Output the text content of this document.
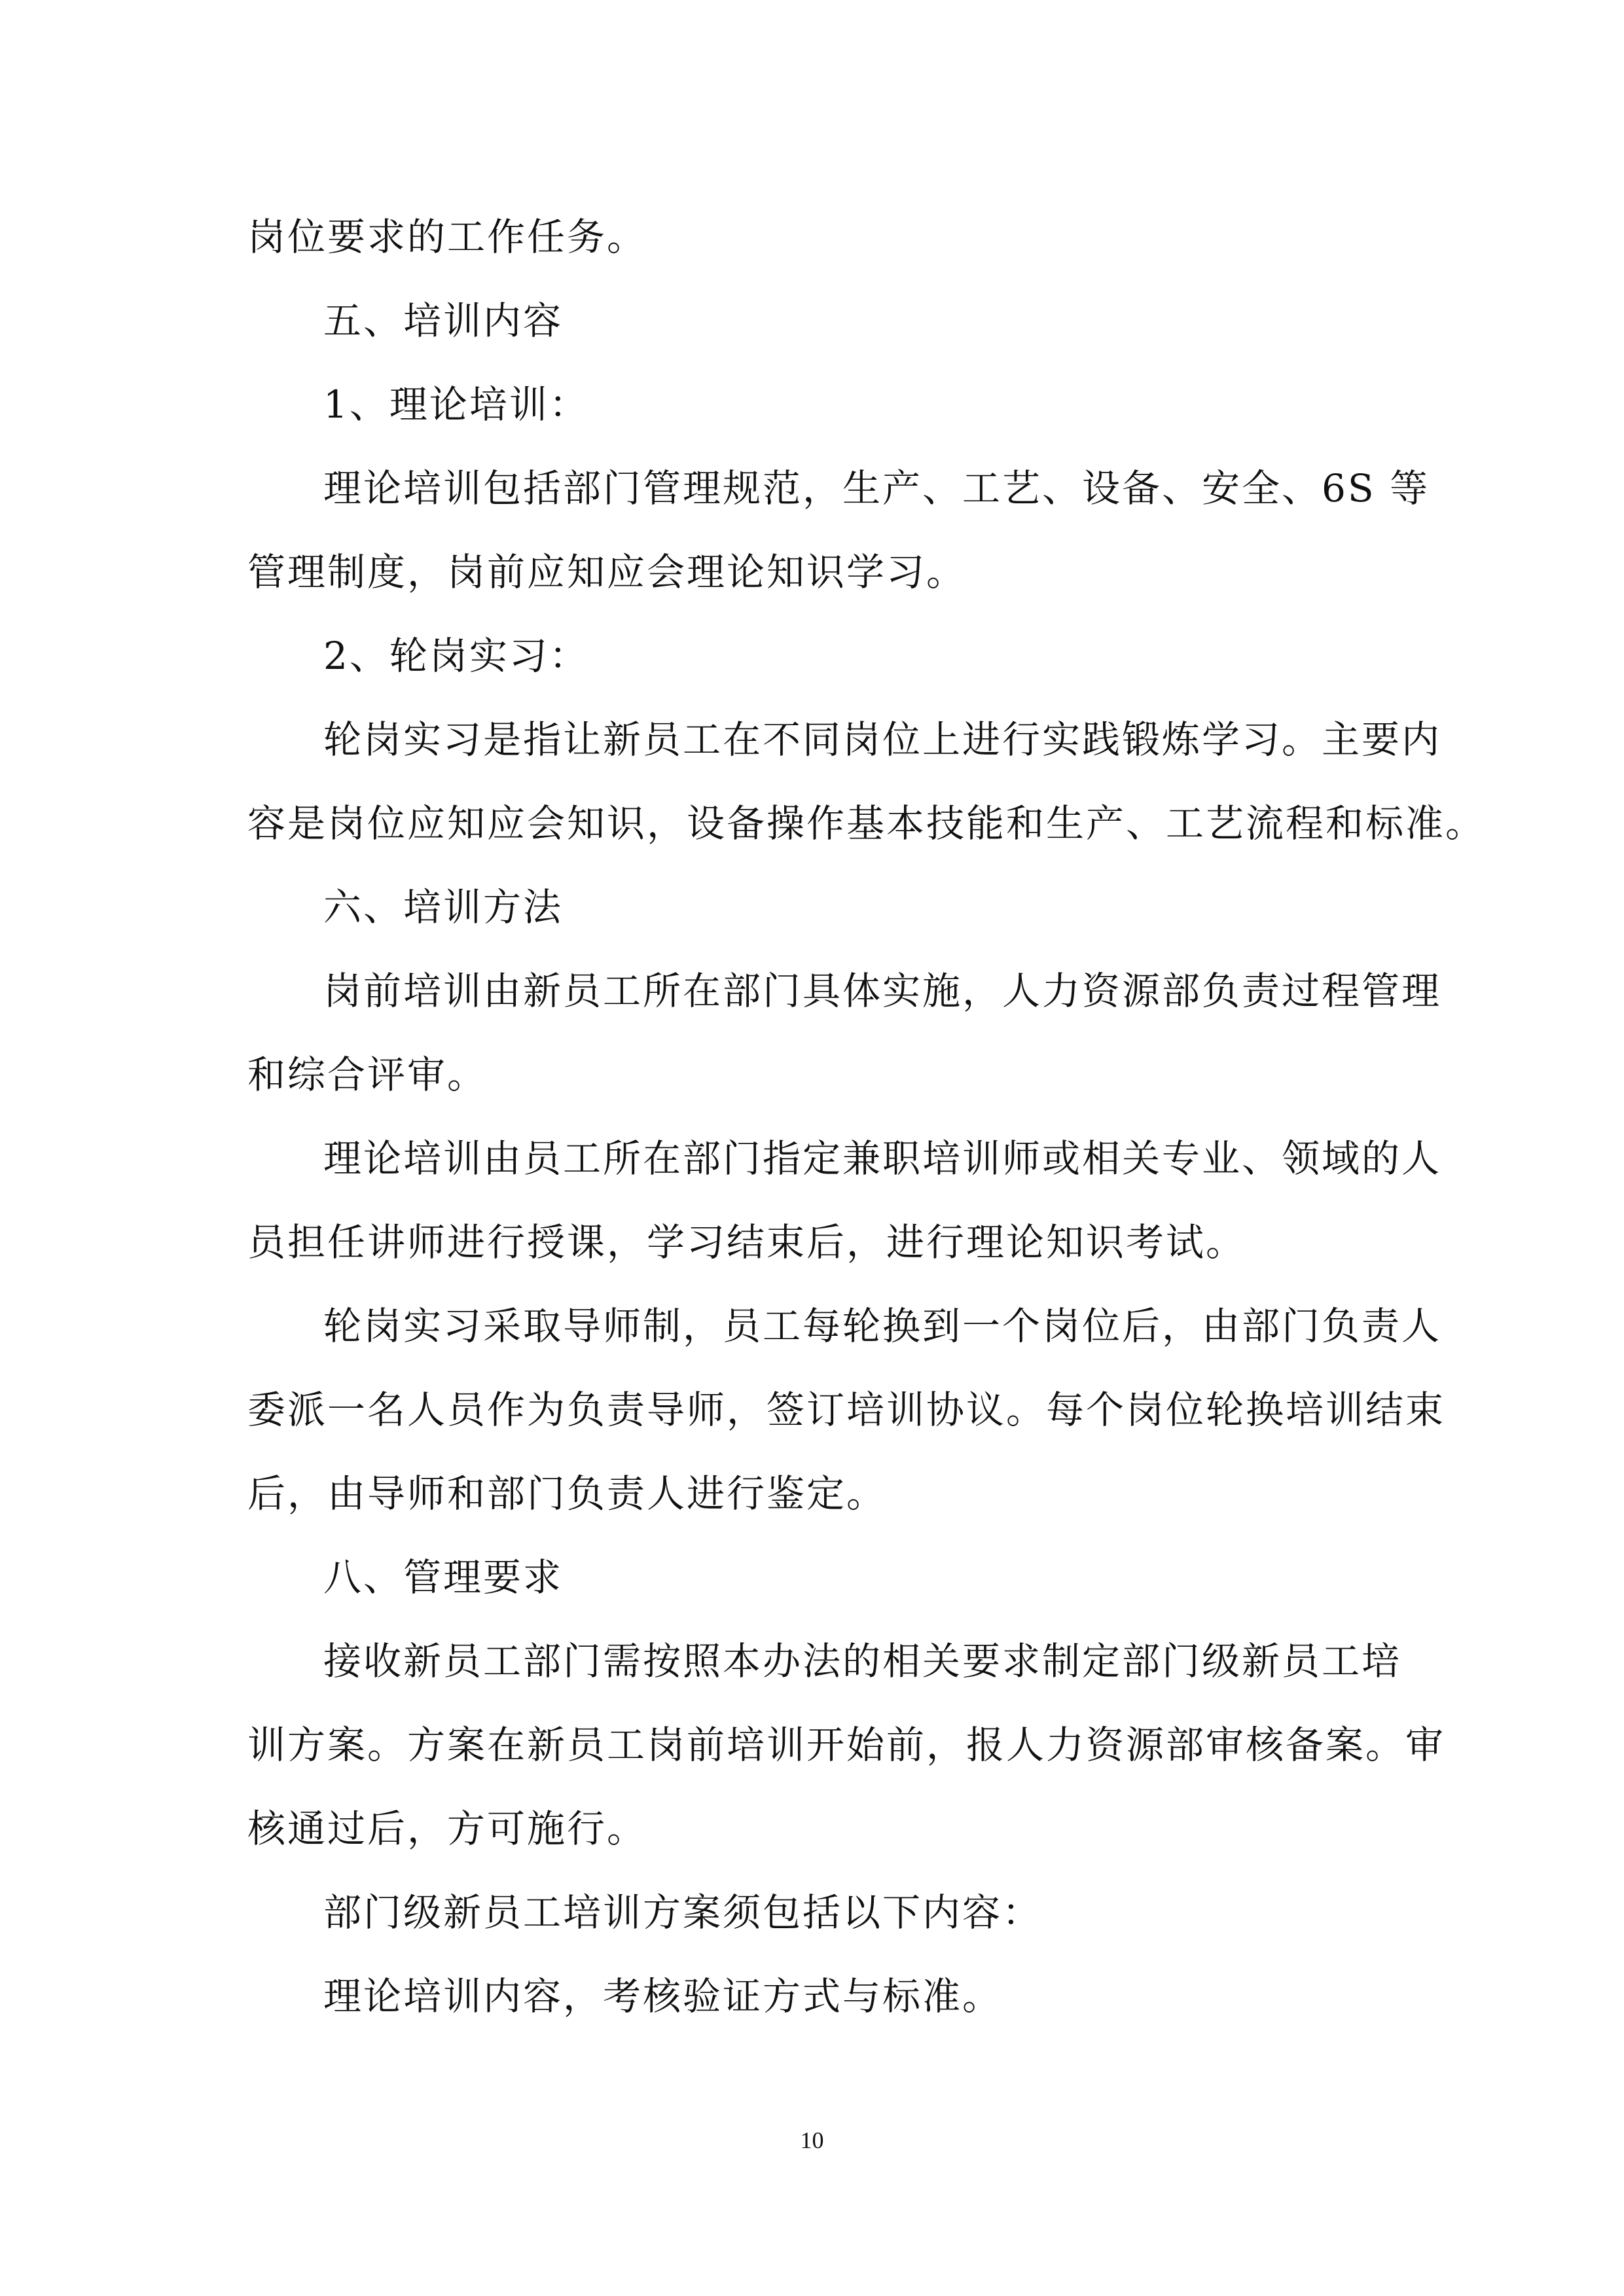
岗位要求的工作任务。
五、培训内容
1、理论培训：
理论培训包括部门管理规范，生产、工艺、设备、安全、6S 等
管理制度，岗前应知应会理论知识学习。
2、轮岗实习：
轮岗实习是指让新员工在不同岗位上进行实践锻炼学习。主要内
容是岗位应知应会知识，设备操作基本技能和生产、工艺流程和标准。
六、培训方法
岗前培训由新员工所在部门具体实施，人力资源部负责过程管理
和综合评审。
理论培训由员工所在部门指定兼职培训师或相关专业、领域的人
员担任讲师进行授课，学习结束后，进行理论知识考试。
轮岗实习采取导师制，员工每轮换到一个岗位后，由部门负责人
委派一名人员作为负责导师，签订培训协议。每个岗位轮换培训结束
后，由导师和部门负责人进行鉴定。
八、管理要求
接收新员工部门需按照本办法的相关要求制定部门级新员工培
训方案。方案在新员工岗前培训开始前，报人力资源部审核备案。审
核通过后，方可施行。
部门级新员工培训方案须包括以下内容：
理论培训内容，考核验证方式与标准。
10
